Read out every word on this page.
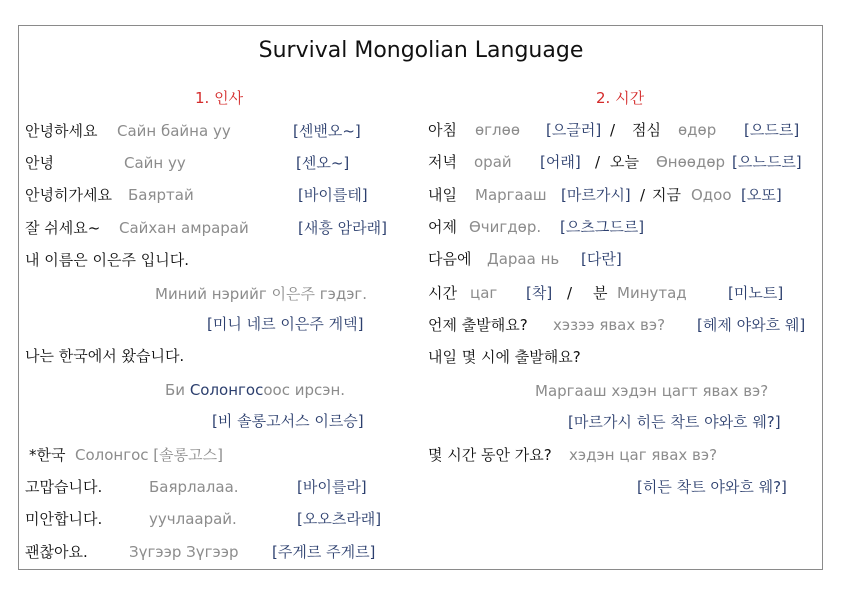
Survival Mongolian Language
1. 인사	2. 시간
안녕하세요 Сайн байна уу	[센밴오~]
안녕	Сайн уу	[센오~]
안녕히가세요 Баяртай	[바이를테]
잘 쉬세요~ Сайхан амрарай	[새흥 암라래]
내 이름은 이은주 입니다.
Миний нэрийг 이은주 гэдэг.
[미니 네르 이은주 게덱]
나는 한국에서 왔습니다.
Би Солонгосоос ирсэн.
[비 솔롱고서스 이르승]
*한국 Солонгос [솔롱고스]
고맙습니다.	Баярлалаа.	[바이를라]
미안합니다.	уучлаарай.	[오오츠라래]
괜찮아요.	Зүгээр Зүгээр [주게르 주게르]
아침 өглөө [으글러] / 점심 өдөр [으드르]
저녁 орай [어래] / 오늘 Өнөөдөр [으느드르]
내일 Маргааш [마르가시] / 지금 Одоо [오또]
어제 Өчигдөр. [으츠그드르]
다음에 Дараа нь [다란]
시간 цаг [착] / 분 Минутад	[미노트]
언제 출발해요? хэзээ явах вэ? [헤제 야와흐 웨]
내일 몇 시에 출발해요?
Маргааш хэдэн цагт явах вэ?
[마르가시 히든 착트 야와흐 웨?]
몇 시간 동안 가요? хэдэн цаг явах вэ?
[히든 착트 야와흐 웨?]
